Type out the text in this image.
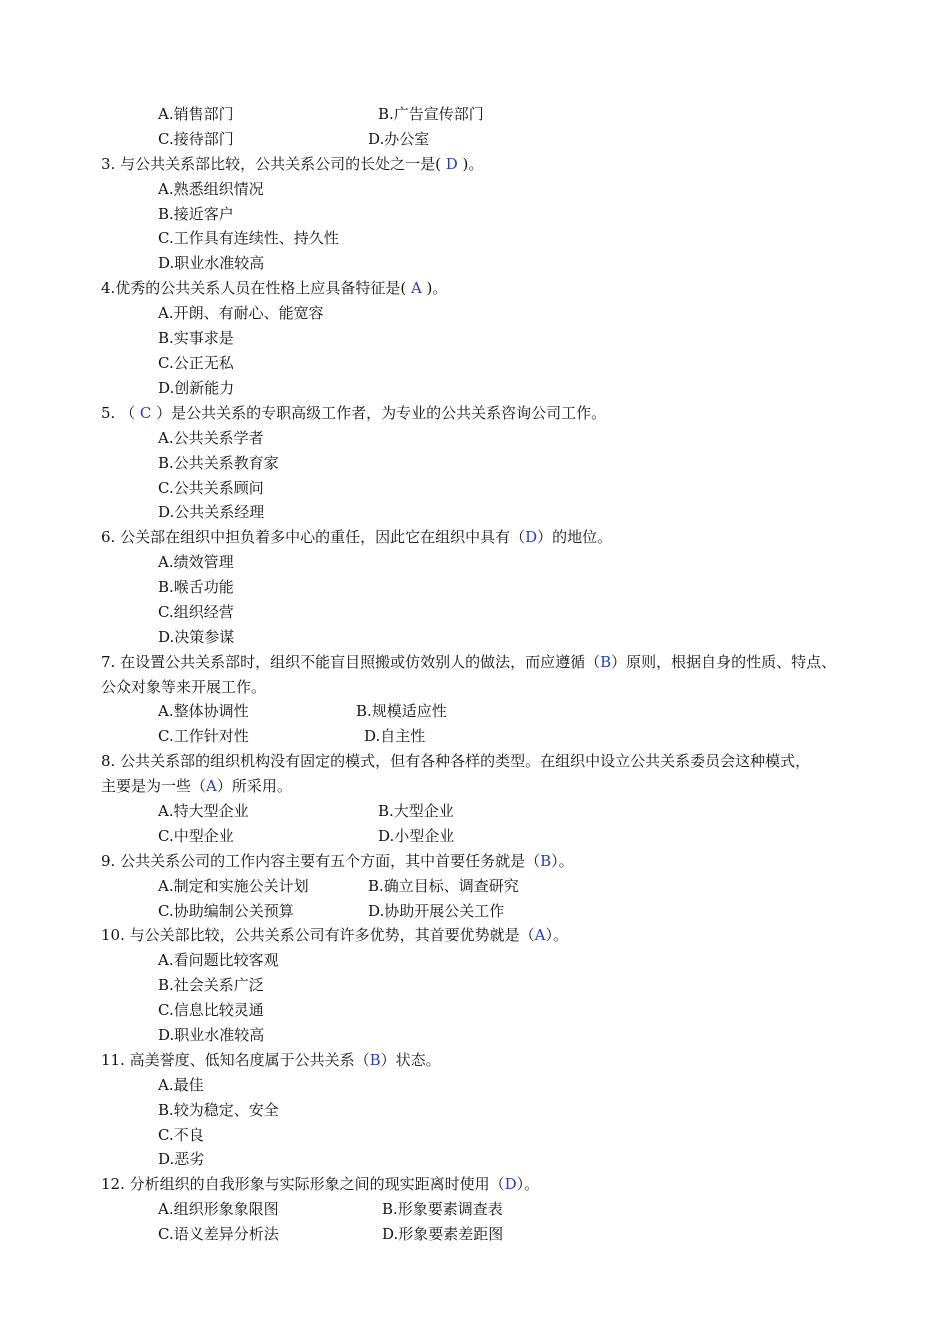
A.销售部门	B.广告宣传部门
C.接待部门	D.办公室
3. 与公共关系部比较，公共关系公司的长处之一是( D )。
A.熟悉组织情况
B.接近客户
C.工作具有连续性、持久性
D.职业水准较高
4.优秀的公共关系人员在性格上应具备特征是( A )。
A.开朗、有耐心、能宽容
B.实事求是
C.公正无私
D.创新能力
5. （ C ）是公共关系的专职高级工作者，为专业的公共关系咨询公司工作。
A.公共关系学者
B.公共关系教育家
C.公共关系顾问
D.公共关系经理
6. 公关部在组织中担负着多中心的重任，因此它在组织中具有（D）的地位。
A.绩效管理
B.喉舌功能
C.组织经营
D.决策参谋
7. 在设置公共关系部时，组织不能盲目照搬或仿效别人的做法，而应遵循（B）原则，根据自身的性质、特点、
公众对象等来开展工作。
A.整体协调性	B.规模适应性
C.工作针对性	D.自主性
8. 公共关系部的组织机构没有固定的模式，但有各种各样的类型。在组织中设立公共关系委员会这种模式，
主要是为一些（A）所采用。
A.特大型企业	B.大型企业
C.中型企业	D.小型企业
9. 公共关系公司的工作内容主要有五个方面，其中首要任务就是（B）。
A.制定和实施公关计划	B.确立目标、调查研究
C.协助编制公关预算	D.协助开展公关工作
10. 与公关部比较，公共关系公司有许多优势，其首要优势就是（A）。
A.看问题比较客观
B.社会关系广泛
C.信息比较灵通
D.职业水准较高
11. 高美誉度、低知名度属于公共关系（B）状态。
A.最佳
B.较为稳定、安全
C.不良
D.恶劣
12. 分析组织的自我形象与实际形象之间的现实距离时使用（D）。
A.组织形象象限图	B.形象要素调查表
C.语义差异分析法	D.形象要素差距图
